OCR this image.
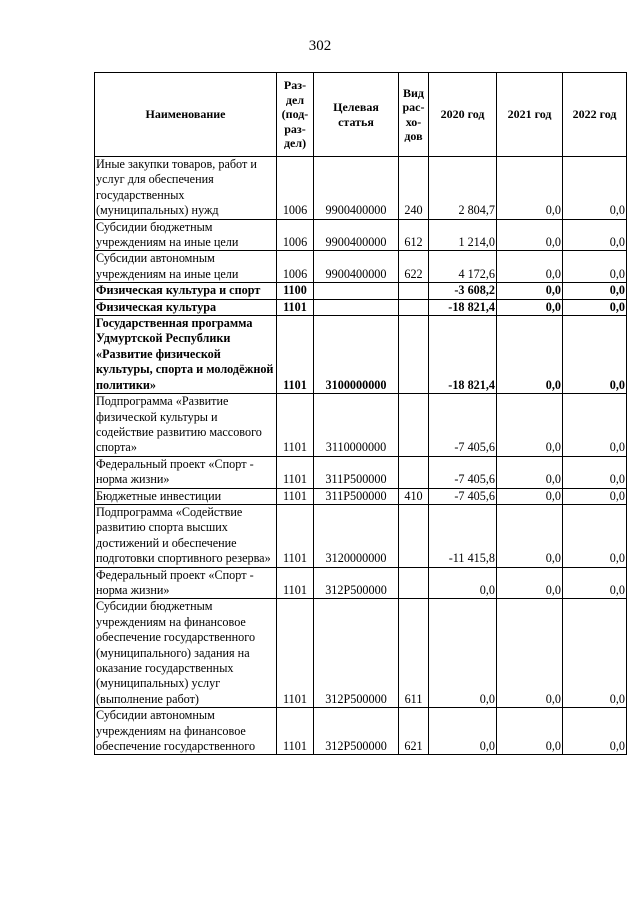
302
Наименование	Раз-дел (под-раз-дел)	Целевая статья	Вид рас-хо-дов	2020 год	2021 год	2022 год
Иные закупки товаров, работ и услуг для обеспечения государственных (муниципальных) нужд	1006	9900400000	240	2 804,7	0,0	0,0
Субсидии бюджетным учреждениям на иные цели	1006	9900400000	612	1 214,0	0,0	0,0
Субсидии автономным учреждениям на иные цели	1006	9900400000	622	4 172,6	0,0	0,0
Физическая культура и спорт	1100			-3 608,2	0,0	0,0
Физическая культура	1101			-18 821,4	0,0	0,0
Государственная программа Удмуртской Республики «Развитие физической культуры, спорта и молодёжной политики»	1101	3100000000		-18 821,4	0,0	0,0
Подпрограмма «Развитие физической культуры и содействие развитию массового спорта»	1101	3110000000		-7 405,6	0,0	0,0
Федеральный проект «Спорт - норма жизни»	1101	311P500000		-7 405,6	0,0	0,0
Бюджетные инвестиции	1101	311P500000	410	-7 405,6	0,0	0,0
Подпрограмма «Содействие развитию спорта высших достижений и обеспечение подготовки спортивного резерва»	1101	3120000000		-11 415,8	0,0	0,0
Федеральный проект «Спорт - норма жизни»	1101	312P500000		0,0	0,0	0,0
Субсидии бюджетным учреждениям на финансовое обеспечение государственного (муниципального) задания на оказание государственных (муниципальных) услуг (выполнение работ)	1101	312P500000	611	0,0	0,0	0,0
Субсидии автономным учреждениям на финансовое обеспечение государственного	1101	312P500000	621	0,0	0,0	0,0
